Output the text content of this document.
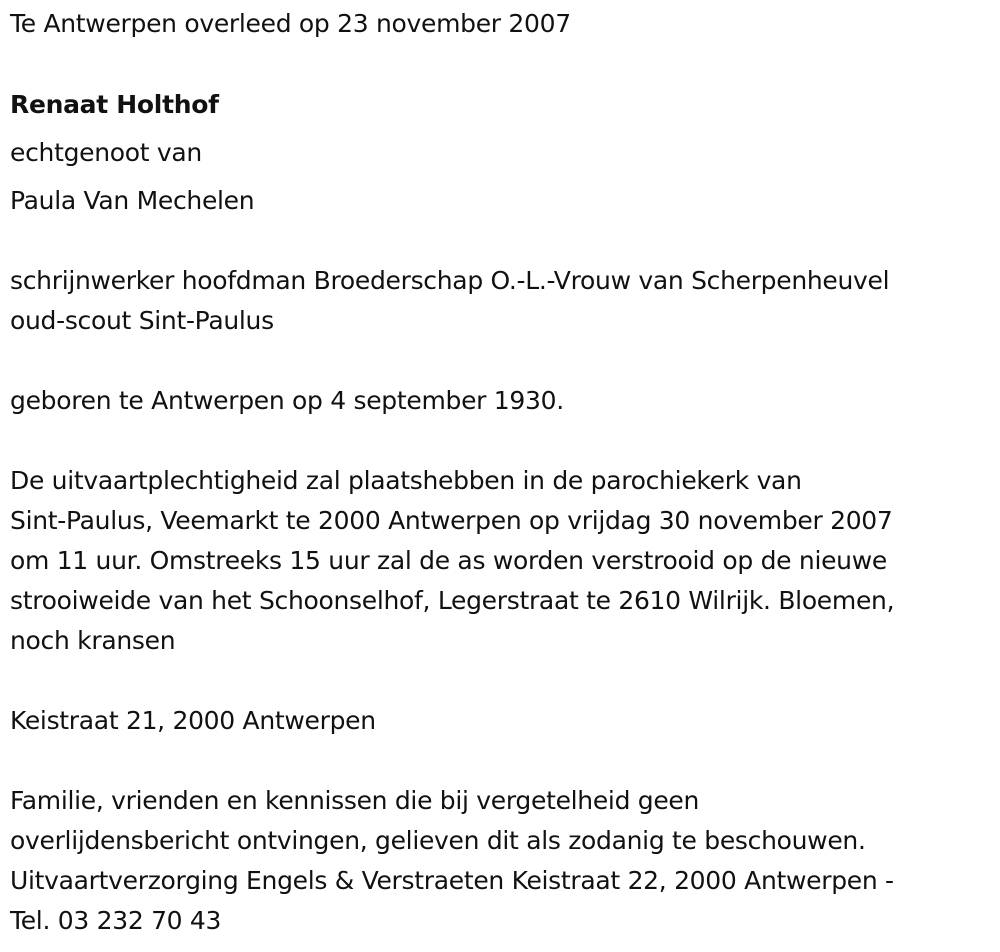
Te Antwerpen overleed op 23 november 2007
Renaat Holthof
echtgenoot van
Paula Van Mechelen
schrijnwerker hoofdman Broederschap O.-L.-Vrouw van Scherpenheuvel
oud-scout Sint-Paulus
geboren te Antwerpen op 4 september 1930.
De uitvaartplechtigheid zal plaatshebben in de parochiekerk van
Sint-Paulus, Veemarkt te 2000 Antwerpen op vrijdag 30 november 2007
om 11 uur. Omstreeks 15 uur zal de as worden verstrooid op de nieuwe
strooiweide van het Schoonselhof, Legerstraat te 2610 Wilrijk. Bloemen,
noch kransen
Keistraat 21, 2000 Antwerpen
Familie, vrienden en kennissen die bij vergetelheid geen
overlijdensbericht ontvingen, gelieven dit als zodanig te beschouwen.
Uitvaartverzorging Engels & Verstraeten Keistraat 22, 2000 Antwerpen -
Tel. 03 232 70 43
